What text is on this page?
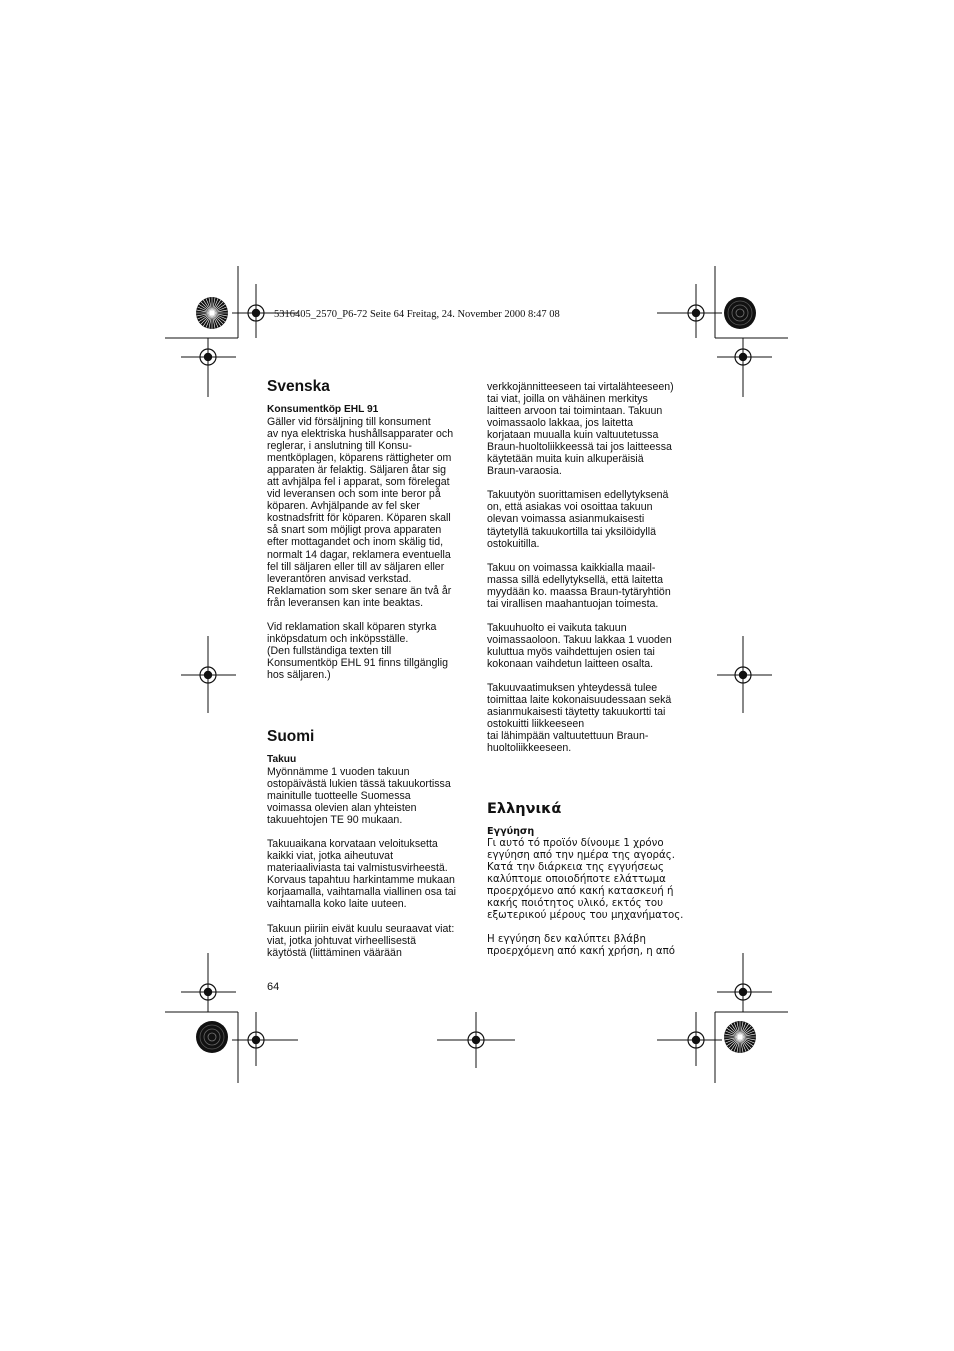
5316405_2570_P6-72 Seite 64 Freitag, 24. November 2000 8:47 08
Svenska
Konsumentköp EHL 91

Gäller vid försäljning till konsument

av nya elektriska hushållsapparater och

reglerar, i anslutning till Konsu-

mentköplagen, köparens rättigheter om

apparaten är felaktig. Säljaren åtar sig

att avhjälpa fel i apparat, som förelegat

vid leveransen och som inte beror på

köparen. Avhjälpande av fel sker

kostnadsfritt för köparen. Köparen skall

så snart som möjligt prova apparaten

efter mottagandet och inom skälig tid,

normalt 14 dagar, reklamera eventuella

fel till säljaren eller till av säljaren eller

leverantören anvisad verkstad.

Reklamation som sker senare än två år

från leveransen kan inte beaktas.

Vid reklamation skall köparen styrka

inköpsdatum och inköpsställe.

(Den fullständiga texten till

Konsumentköp EHL 91 finns tillgänglig

hos säljaren.)

Suomi
Takuu

Myönnämme 1 vuoden takuun

ostopäivästä lukien tässä takuukortissa

mainitulle tuotteelle Suomessa

voimassa olevien alan yhteisten

takuuehtojen TE 90 mukaan.

Takuuaikana korvataan veloituksetta

kaikki viat, jotka aiheutuvat

materiaaliviasta tai valmistusvirheestä.

Korvaus tapahtuu harkintamme mukaan

korjaamalla, vaihtamalla viallinen osa tai

vaihtamalla koko laite uuteen.

Takuun piiriin eivät kuulu seuraavat viat:

viat, jotka johtuvat virheellisestä

käytöstä (liittäminen väärään

verkkojännitteeseen tai virtalähteeseen)

tai viat, joilla on vähäinen merkitys

laitteen arvoon tai toimintaan. Takuun

voimassaolo lakkaa, jos laitetta

korjataan muualla kuin valtuutetussa

Braun-huoltoliikkeessä tai jos laitteessa

käytetään muita kuin alkuperäisiä

Braun-varaosia.

Takuutyön suorittamisen edellytyksenä

on, että asiakas voi osoittaa takuun

olevan voimassa asianmukaisesti

täytetyllä takuukortilla tai yksilöidyllä

ostokuitilla.

Takuu on voimassa kaikkialla maail-

massa sillä edellytyksellä, että laitetta

myydään ko. maassa Braun-tytäryhtiön

tai virallisen maahantuojan toimesta.

Takuuhuolto ei vaikuta takuun

voimassaoloon. Takuu lakkaa 1 vuoden

kuluttua myös vaihdettujen osien tai

kokonaan vaihdetun laitteen osalta.

Takuuvaatimuksen yhteydessä tulee

toimittaa laite kokonaisuudessaan sekä

asianmukaisesti täytetty takuukortti tai

ostokuitti liikkeeseen

tai lähimpään valtuutettuun Braun-

huoltoliikkeeseen.

Ελληνικά
Εγγύηση

Γι αυτό τό προϊόν δίνουμε 1 χρόνο

εγγύηση από την ημέρα της αγοράς.

Κατά την διάρκεια της εγγυήσεως

καλύπτομε οποιοδήποτε ελάττωμα

προερχόμενο από κακή κατασκευή ή

κακής ποιότητος υλικό, εκτός του

εξωτερικού μέρους του μηχανήματος.

Η εγγύηση δεν καλύπτει βλάβη

προερχόμενη από κακή χρήση, η από

64
